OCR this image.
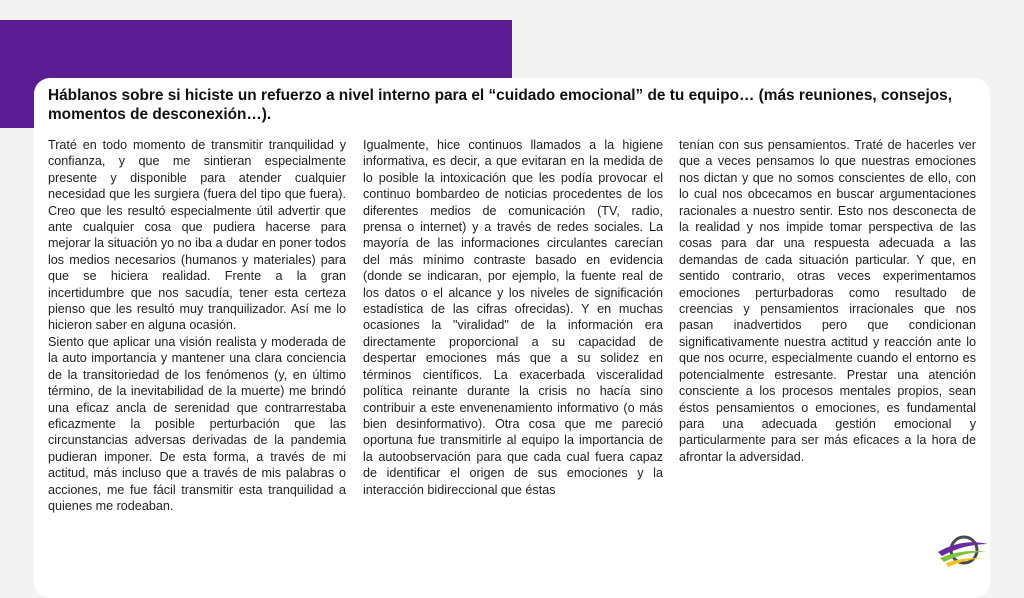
Háblanos sobre si hiciste un refuerzo a nivel interno para el “cuidado emocional” de tu equipo… (más reuniones, consejos, momentos de desconexión…).

Traté en todo momento de transmitir tranquilidad y confianza, y que me sintieran especialmente presente y disponible para atender cualquier necesidad que les surgiera (fuera del tipo que fuera). Creo que les resultó especialmente útil advertir que ante cualquier cosa que pudiera hacerse para mejorar la situación yo no iba a dudar en poner todos los medios necesarios (humanos y materiales) para que se hiciera realidad. Frente a la gran incertidumbre que nos sacudía, tener esta certeza pienso que les resultó muy tranquilizador. Así me lo hicieron saber en alguna ocasión.

Siento que aplicar una visión realista y moderada de la auto importancia y mantener una clara conciencia de la transitoriedad de los fenómenos (y, en último término, de la inevitabilidad de la muerte) me brindó una eficaz ancla de serenidad que contrarrestaba eficazmente la posible perturbación que las circunstancias adversas derivadas de la pandemia pudieran imponer. De esta forma, a través de mi actitud, más incluso que a través de mis palabras o acciones, me fue fácil transmitir esta tranquilidad a quienes me rodeaban.

Igualmente, hice continuos llamados a la higiene informativa, es decir, a que evitaran en la medida de lo posible la intoxicación que les podía provocar el continuo bombardeo de noticias procedentes de los diferentes medios de comunicación (TV, radio, prensa o internet) y a través de redes sociales. La mayoría de las informaciones circulantes carecían del más mínimo contraste basado en evidencia (donde se indicaran, por ejemplo, la fuente real de los datos o el alcance y los niveles de significación estadística de las cifras ofrecidas). Y en muchas ocasiones la "viralidad" de la información era directamente proporcional a su capacidad de despertar emociones más que a su solidez en términos científicos. La exacerbada visceralidad política reinante durante la crisis no hacía sino contribuir a este envenenamiento informativo (o más bien desinformativo). Otra cosa que me pareció oportuna fue transmitirle al equipo la importancia de la autoobservación para que cada cual fuera capaz de identificar el origen de sus emociones y la interacción bidireccional que éstas

tenían con sus pensamientos. Traté de hacerles ver que a veces pensamos lo que nuestras emociones nos dictan y que no somos conscientes de ello, con lo cual nos obcecamos en buscar argumentaciones racionales a nuestro sentir. Esto nos desconecta de la realidad y nos impide tomar perspectiva de las cosas para dar una respuesta adecuada a las demandas de cada situación particular. Y que, en sentido contrario, otras veces experimentamos emociones perturbadoras como resultado de creencias y pensamientos irracionales que nos pasan inadvertidos pero que condicionan significativamente nuestra actitud y reacción ante lo que nos ocurre, especialmente cuando el entorno es potencialmente estresante. Prestar una atención consciente a los procesos mentales propios, sean éstos pensamientos o emociones, es fundamental para una adecuada gestión emocional y particularmente para ser más eficaces a la hora de afrontar la adversidad.
